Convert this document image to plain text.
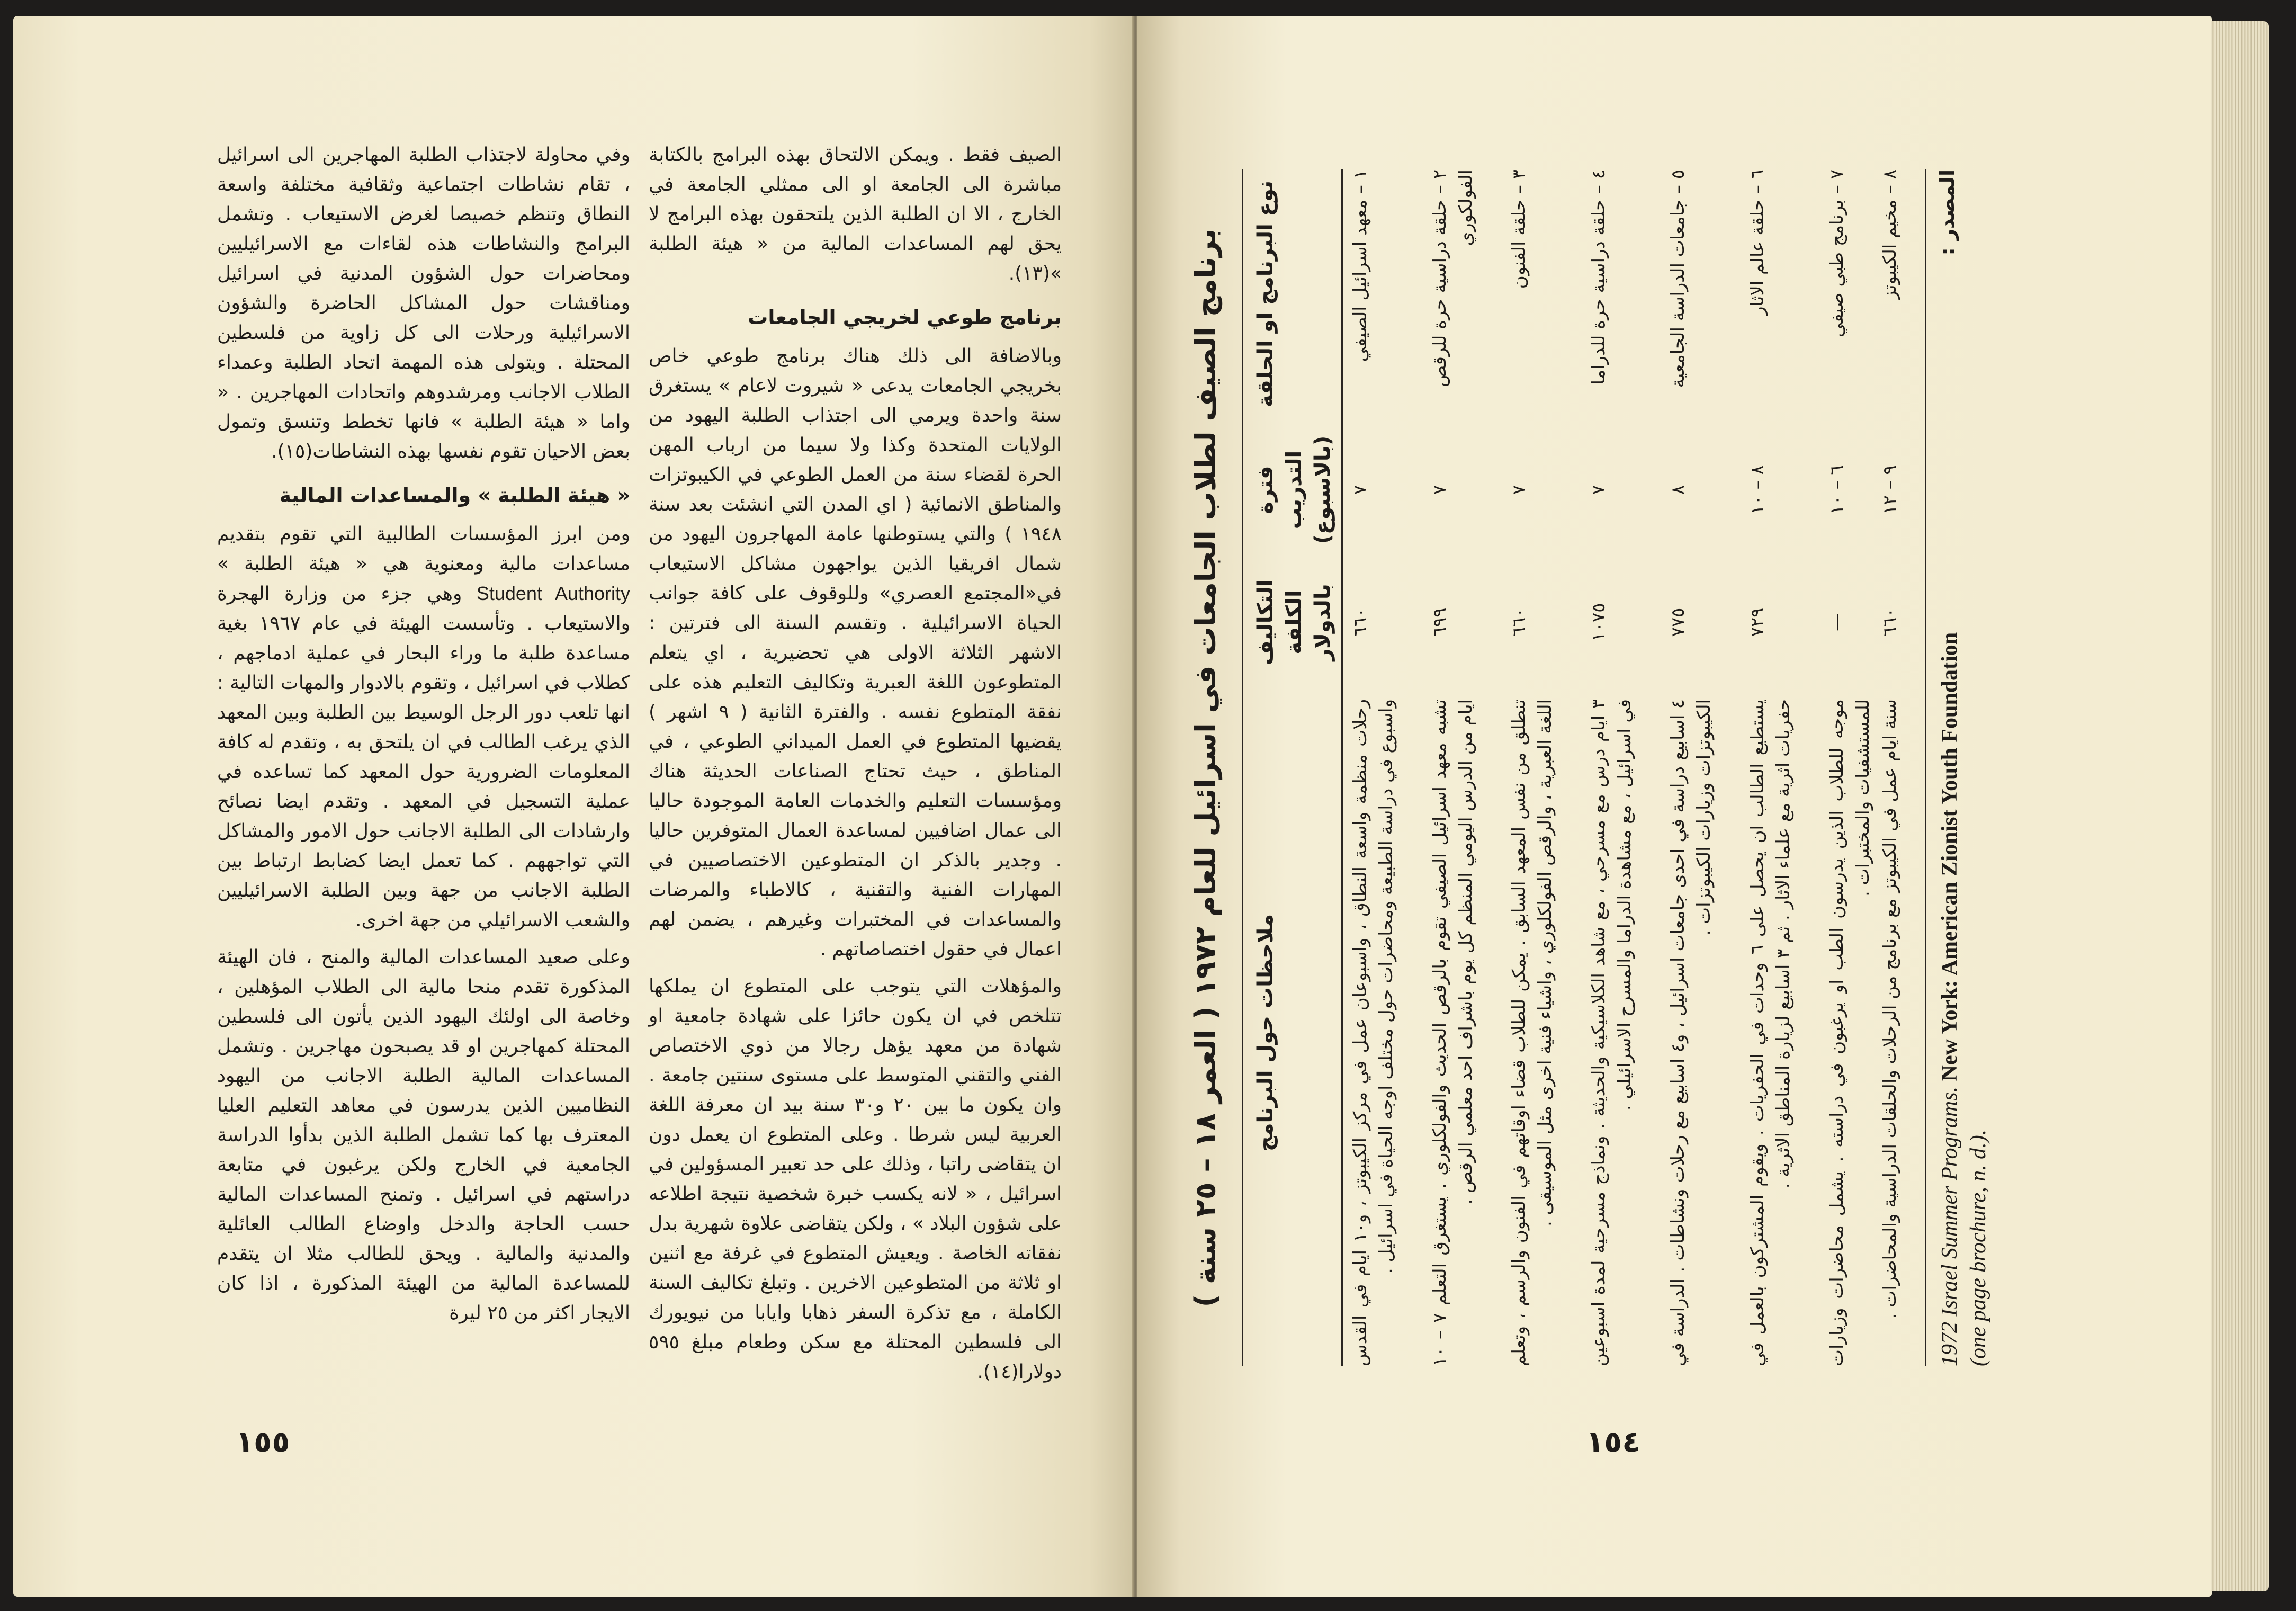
الصيف فقط . ويمكن الالتحاق بهذه البرامج بالكتابة مباشرة الى الجامعة او الى ممثلي الجامعة في الخارج ، الا ان الطلبة الذين يلتحقون بهذه البرامج لا يحق لهم المساعدات المالية من « هيئة الطلبة »(١٣).

برنامج طوعي لخريجي الجامعات

وبالاضافة الى ذلك هناك برنامج طوعي خاص بخريجي الجامعات يدعى « شيروت لاعام » يستغرق سنة واحدة ويرمي الى اجتذاب الطلبة اليهود من الولايات المتحدة وكذا ولا سيما من ارباب المهن الحرة لقضاء سنة من العمل الطوعي في الكيبوتزات والمناطق الانمائية ( اي المدن التي انشئت بعد سنة ١٩٤٨ ) والتي يستوطنها عامة المهاجرون اليهود من شمال افريقيا الذين يواجهون مشاكل الاستيعاب في«المجتمع العصري» وللوقوف على كافة جوانب الحياة الاسرائيلية . وتقسم السنة الى فترتين : الاشهر الثلاثة الاولى هي تحضيرية ، اي يتعلم المتطوعون اللغة العبرية وتكاليف التعليم هذه على نفقة المتطوع نفسه . والفترة الثانية ( ٩ اشهر ) يقضيها المتطوع في العمل الميداني الطوعي ، في المناطق ، حيث تحتاج الصناعات الحديثة هناك ومؤسسات التعليم والخدمات العامة الموجودة حاليا الى عمال اضافيين لمساعدة العمال المتوفرين حاليا . وجدير بالذكر ان المتطوعين الاختصاصيين في المهارات الفنية والتقنية ، كالاطباء والمرضات والمساعدات في المختبرات وغيرهم ، يضمن لهم اعمال في حقول اختصاصاتهم .

والمؤهلات التي يتوجب على المتطوع ان يملكها تتلخص في ان يكون حائزا على شهادة جامعية او شهادة من معهد يؤهل رجالا من ذوي الاختصاص الفني والتقني المتوسط على مستوى سنتين جامعة . وان يكون ما بين ٢٠ و٣٠ سنة بيد ان معرفة اللغة العربية ليس شرطا . وعلى المتطوع ان يعمل دون ان يتقاضى راتبا ، وذلك على حد تعبير المسؤولين في اسرائيل ، « لانه يكسب خبرة شخصية نتيجة اطلاعه على شؤون البلاد » ، ولكن يتقاضى علاوة شهرية بدل نفقاته الخاصة . ويعيش المتطوع في غرفة مع اثنين او ثلاثة من المتطوعين الاخرين . وتبلغ تكاليف السنة الكاملة ، مع تذكرة السفر ذهابا وايابا من نيويورك الى فلسطين المحتلة مع سكن وطعام مبلغ ٥٩٥ دولارا(١٤).

وفي محاولة لاجتذاب الطلبة المهاجرين الى اسرائيل ، تقام نشاطات اجتماعية وثقافية مختلفة واسعة النطاق وتنظم خصيصا لغرض الاستيعاب . وتشمل البرامج والنشاطات هذه لقاءات مع الاسرائيليين ومحاضرات حول الشؤون المدنية في اسرائيل ومناقشات حول المشاكل الحاضرة والشؤون الاسرائيلية ورحلات الى كل زاوية من فلسطين المحتلة . ويتولى هذه المهمة اتحاد الطلبة وعمداء الطلاب الاجانب ومرشدوهم واتحادات المهاجرين . « واما « هيئة الطلبة » فانها تخطط وتنسق وتمول بعض الاحيان تقوم نفسها بهذه النشاطات(١٥).

« هيئة الطلبة » والمساعدات المالية

ومن ابرز المؤسسات الطالبية التي تقوم بتقديم مساعدات مالية ومعنوية هي « هيئة الطلبة » Student Authority وهي جزء من وزارة الهجرة والاستيعاب . وتأسست الهيئة في عام ١٩٦٧ بغية مساعدة طلبة ما وراء البحار في عملية ادماجهم ، كطلاب في اسرائيل ، وتقوم بالادوار والمهات التالية : انها تلعب دور الرجل الوسيط بين الطلبة وبين المعهد الذي يرغب الطالب في ان يلتحق به ، وتقدم له كافة المعلومات الضرورية حول المعهد كما تساعده في عملية التسجيل في المعهد . وتقدم ايضا نصائح وارشادات الى الطلبة الاجانب حول الامور والمشاكل التي تواجههم . كما تعمل ايضا كضابط ارتباط بين الطلبة الاجانب من جهة وبين الطلبة الاسرائيليين والشعب الاسرائيلي من جهة اخرى.

وعلى صعيد المساعدات المالية والمنح ، فان الهيئة المذكورة تقدم منحا مالية الى الطلاب المؤهلين ، وخاصة الى اولئك اليهود الذين يأتون الى فلسطين المحتلة كمهاجرين او قد يصبحون مهاجرين . وتشمل المساعدات المالية الطلبة الاجانب من اليهود النظاميين الذين يدرسون في معاهد التعليم العليا المعترف بها كما تشمل الطلبة الذين بدأوا الدراسة الجامعية في الخارج ولكن يرغبون في متابعة دراستهم في اسرائيل . وتمنح المساعدات المالية حسب الحاجة والدخل واوضاع الطالب العائلية والمدنية والمالية . ويحق للطالب مثلا ان يتقدم للمساعدة المالية من الهيئة المذكورة ، اذا كان الايجار اكثر من ٢٥ ليرة

١٥٥	١٥٤
برنامج الصيف لطلاب الجامعات في اسرائيل للعام ١٩٧٢ ( العمر ١٨ – ٢٥ سنة ) نوع البرنامج او الحلقة
فترة التدريب (بالاسبوع)
التكاليف الكلفة بالدولار
ملاحظات حول البرنامج
١ – معهد اسرائيل الصيفي
٧
٦٦٠
رحلات منظمة واسعة النطاق ، واسبوعان عمل في مركز الكيبوتز ، و١٠ ايام في القدس واسبوع في دراسة الطبيعة ومحاضرات حول مختلف اوجه الحياة في اسرائيل .
٢ – حلقة دراسية حرة للرقص الفولكوري
٧
٦٩٩
تشبه معهد اسرائيل الصيفي تقوم بالرقص الحديث والفولكلوري . يستغرق التعلم ٧ – ١٠ ايام من الدرس اليومي المنظم كل يوم باشراف احد معلمي الرقص .
٣ – حلقة الفنون
٧
٦٦٠
تنطلق من نفس المعهد السابق . يمكن للطلاب قضاء اوقاتهم في الفنون والرسم ، وتعلم اللغة العبرية ، والرقص الفولكلوري ، واشياء فنية اخرى مثل الموسيقى .
٤ – حلقة دراسية حرة للدراما
٧
١٠٧٥
٣ ايام درس مع مسرحي ، مع شاهد الكلاسيكية والحديثة . ونماذج مسرحية لمدة اسبوعين في اسرائيل ، مع مشاهدة الدراما والمسرح الاسرائيلي .
٥ – جامعات الدراسة الجامعية
٨
٧٧٥
٤ اسابيع دراسة في احدى جامعات اسرائيل ، و٤ اسابيع مع رحلات ونشاطات . الدراسة في الكيبوتزات وزيارات الكيبوتزات .
٦ – حلقة عالم الاثار
٨ – ١٠
٧٢٩
يستطيع الطالب ان يحصل على ٦ وحدات في الحفريات . ويقوم المشتركون بالعمل في حفريات اثرية مع علماء الاثار . ثم ٣ اسابيع لزيارة المناطق الاثرية .
٧ – برنامج طبي صيفي
٦ – ١٠
—
موجه للطلاب الذين يدرسون الطب او يرغبون في دراسته . يشمل محاضرات وزيارات للمستشفيات والمختبرات .
٨ – مخيم الكيبوتز
٩ – ١٢
٦٦٠
سنة ايام عمل في الكيبوتز مع برنامج من الرحلات والحلقات الدراسية والمحاضرات .
المصدر :
1972 Israel Summer Programs. New York: American Zionist Youth Foundation
(one page brochure, n. d.).
